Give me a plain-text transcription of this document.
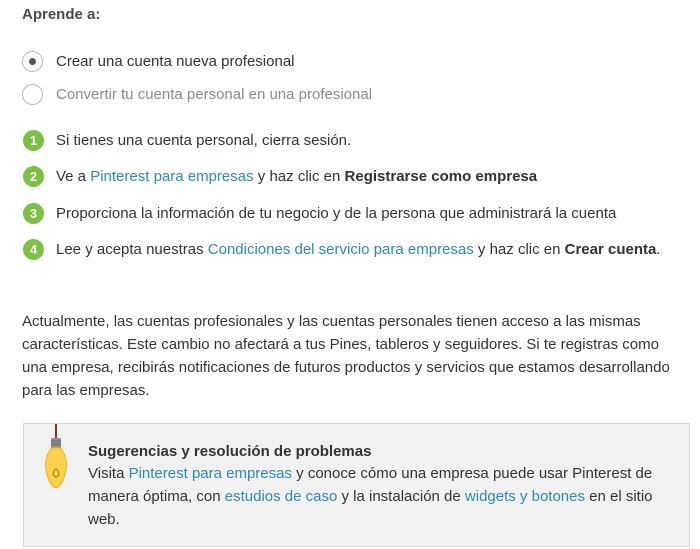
Aprende a:
Crear una cuenta nueva profesional
Convertir tu cuenta personal en una profesional
1	Si tienes una cuenta personal, cierra sesión.
2	Ve a
Pinterest para empresas
y haz clic en
Registrarse como empresa
3	Proporciona la información de tu negocio y de la persona que administrará la cuenta
4	Lee y acepta nuestras
Condiciones del servicio para empresas
y haz clic en
Crear cuenta .
Actualmente, las cuentas profesionales y las cuentas personales tienen acceso a las mismas características. Este cambio no afectará a tus Pines, tableros y seguidores. Si te registras como una empresa, recibirás notificaciones de futuros productos y servicios que estamos desarrollando para las empresas.
Sugerencias y resolución de problemas
Visita Pinterest para empresas y conoce cómo una empresa puede usar Pinterest de manera óptima, con estudios de caso y la instalación de widgets y botones en el sitio web.
